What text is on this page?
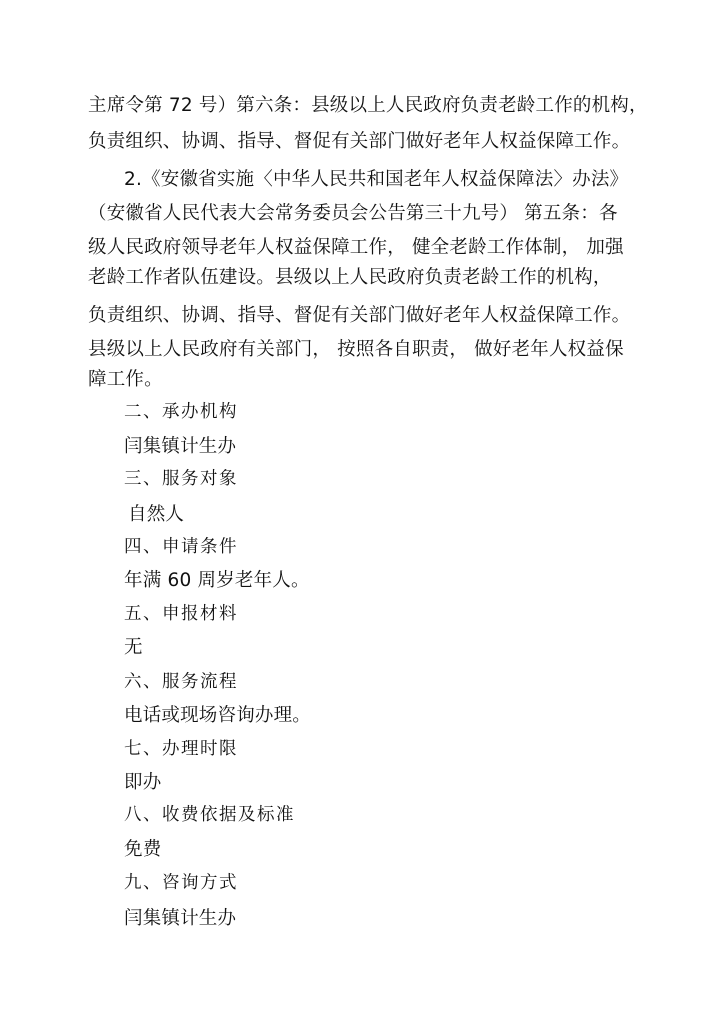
主席令第 72 号）第六条：县级以上人民政府负责老龄工作的机构，

负责组织、协调、指导、督促有关部门做好老年人权益保障工作。

2.《安徽省实施〈中华人民共和国老年人权益保障法〉办法》

（安徽省人民代表大会常务委员会公告第三十九号） 第五条：各

级人民政府领导老年人权益保障工作， 健全老龄工作体制， 加强

老龄工作者队伍建设。县级以上人民政府负责老龄工作的机构，

负责组织、协调、指导、督促有关部门做好老年人权益保障工作。

县级以上人民政府有关部门， 按照各自职责， 做好老年人权益保

障工作。

二、承办机构

闫集镇计生办

三、服务对象

自然人

四、申请条件

年满 60 周岁老年人。

五、申报材料

无

六、服务流程

电话或现场咨询办理。

七、办理时限

即办

八、收费依据及标准

免费

九、咨询方式

闫集镇计生办
